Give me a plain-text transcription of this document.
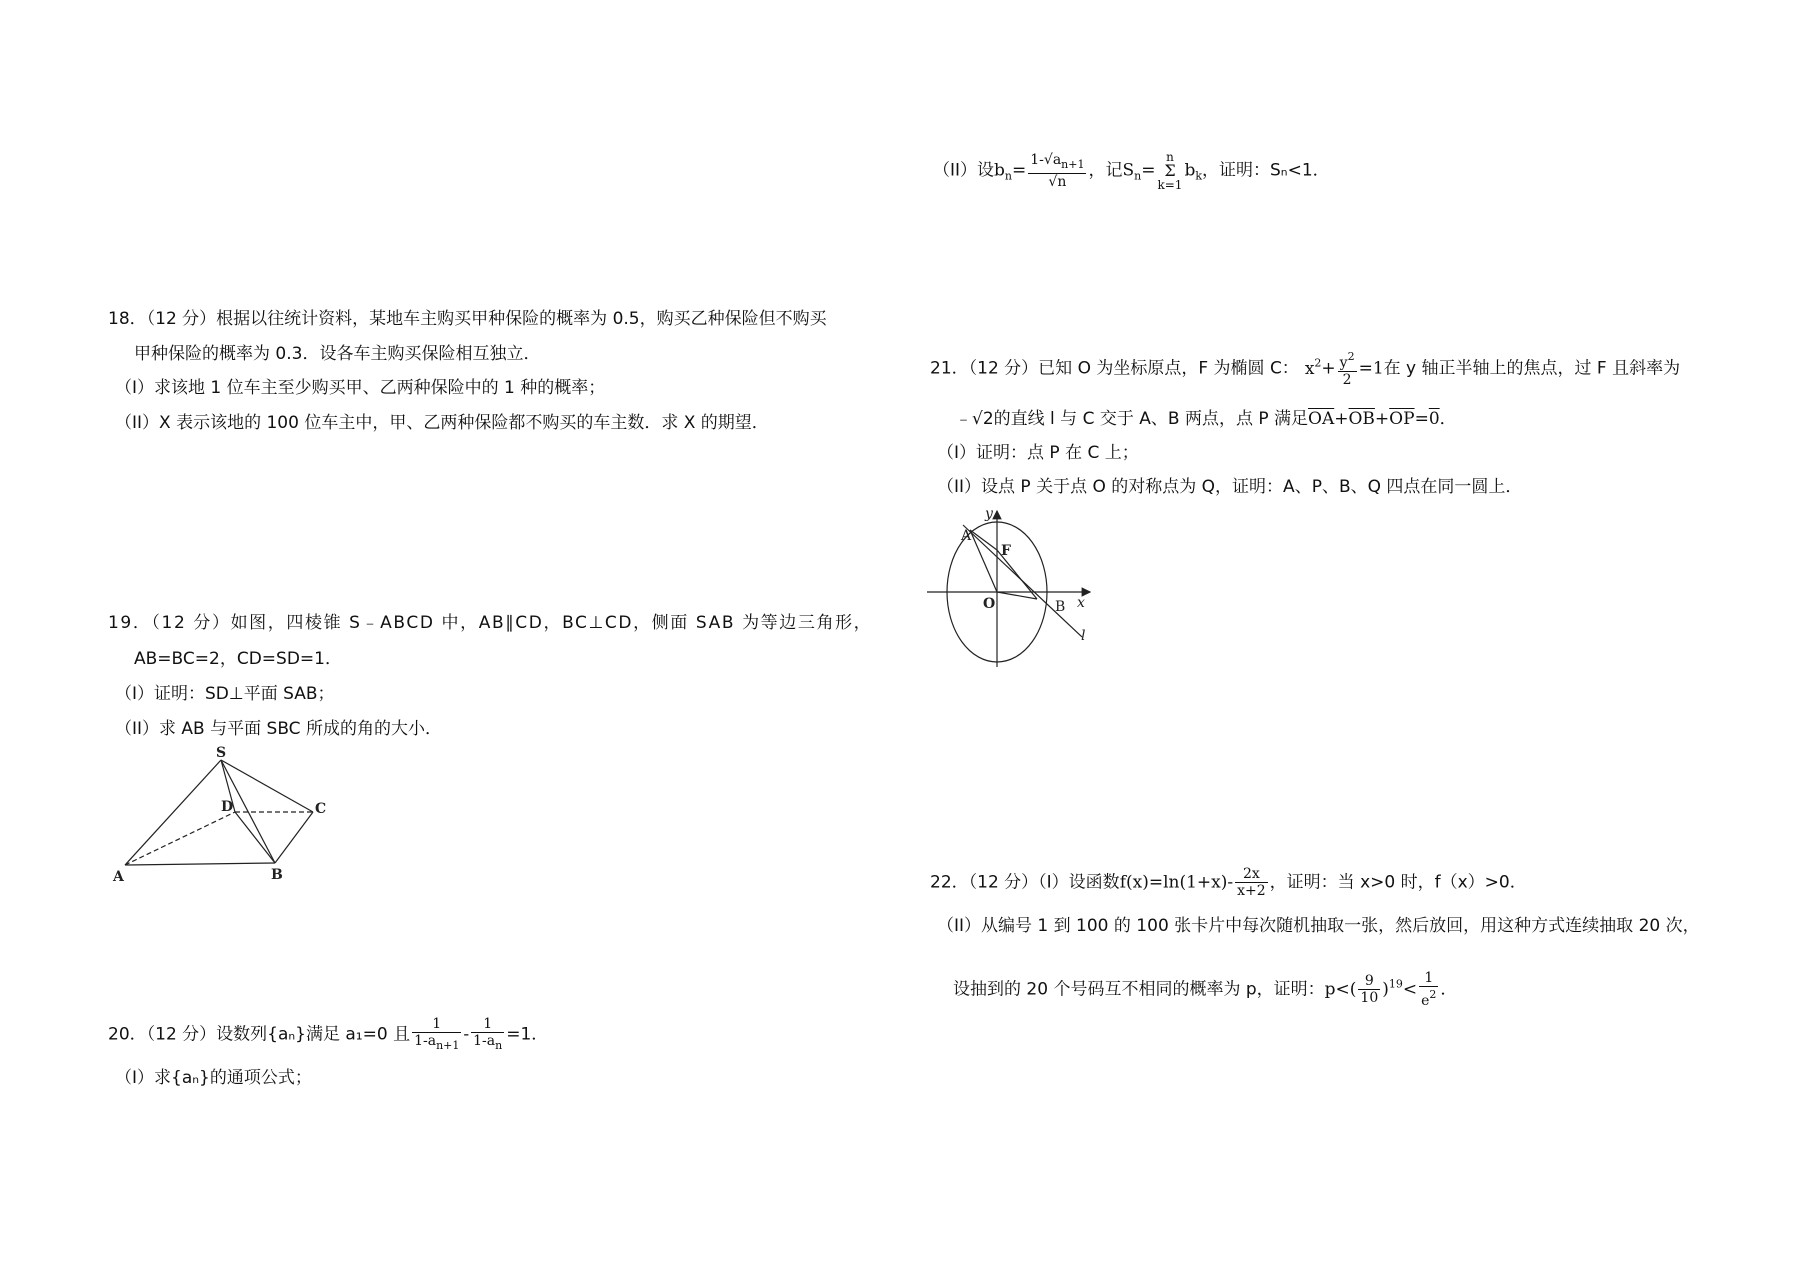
（II）设$b_n= \frac{1-√a_{n+1}}{√n}$ ，记$S_n=$
n
Σ
k=1
$b_k$，证明：Sₙ<1．
18．（12 分）根据以往统计资料，某地车主购买甲种保险的概率为 0.5，购买乙种保险但不购买
甲种保险的概率为 0.3．设各车主购买保险相互独立．
（I）求该地 1 位车主至少购买甲、乙两种保险中的 1 种的概率；
（II）X 表示该地的 100 位车主中，甲、乙两种保险都不购买的车主数．求 X 的期望．
19．（12 分）如图，四棱锥 S﹣ABCD 中，AB∥CD，BC⊥CD，侧面 SAB 为等边三角形，
AB=BC=2，CD=SD=1．
（I）证明：SD⊥平面 SAB；
（II）求 AB 与平面 SBC 所成的角的大小．
S
D	C
A	B
20．（12 分）设数列{aₙ}满足 a₁=0 且 $\frac{1}{1-a_{n+1}} - \frac{1}{1-a_n} =1$．
（I）求{aₙ}的通项公式；
21．（12 分）已知 O 为坐标原点，F 为椭圆 C： $x^2+ \frac{y^2}{2} =1$在 y 轴正半轴上的焦点，过 F 且斜率为
﹣√2的直线 l 与 C 交于 A、B 两点，点 P 满足$\overline{OA}+\overline{OB}+\overline{OP}=0$．
（I）证明：点 P 在 C 上；
（II）设点 P 关于点 O 的对称点为 Q，证明：A、P、B、Q 四点在同一圆上．
y
A
F
O	B x
l
22．（12 分）（I）设函数$f(x)=\ln(1+x)- \frac{2x}{x+2}$ ，证明：当 x>0 时，f（x）>0．
（II）从编号 1 到 100 的 100 张卡片中每次随机抽取一张，然后放回，用这种方式连续抽取 20 次，
设抽到的 20 个号码互不相同的概率为 p，证明：$p<( \frac{9}{10} )^{19}< \frac{1}{e^2}$ ．
